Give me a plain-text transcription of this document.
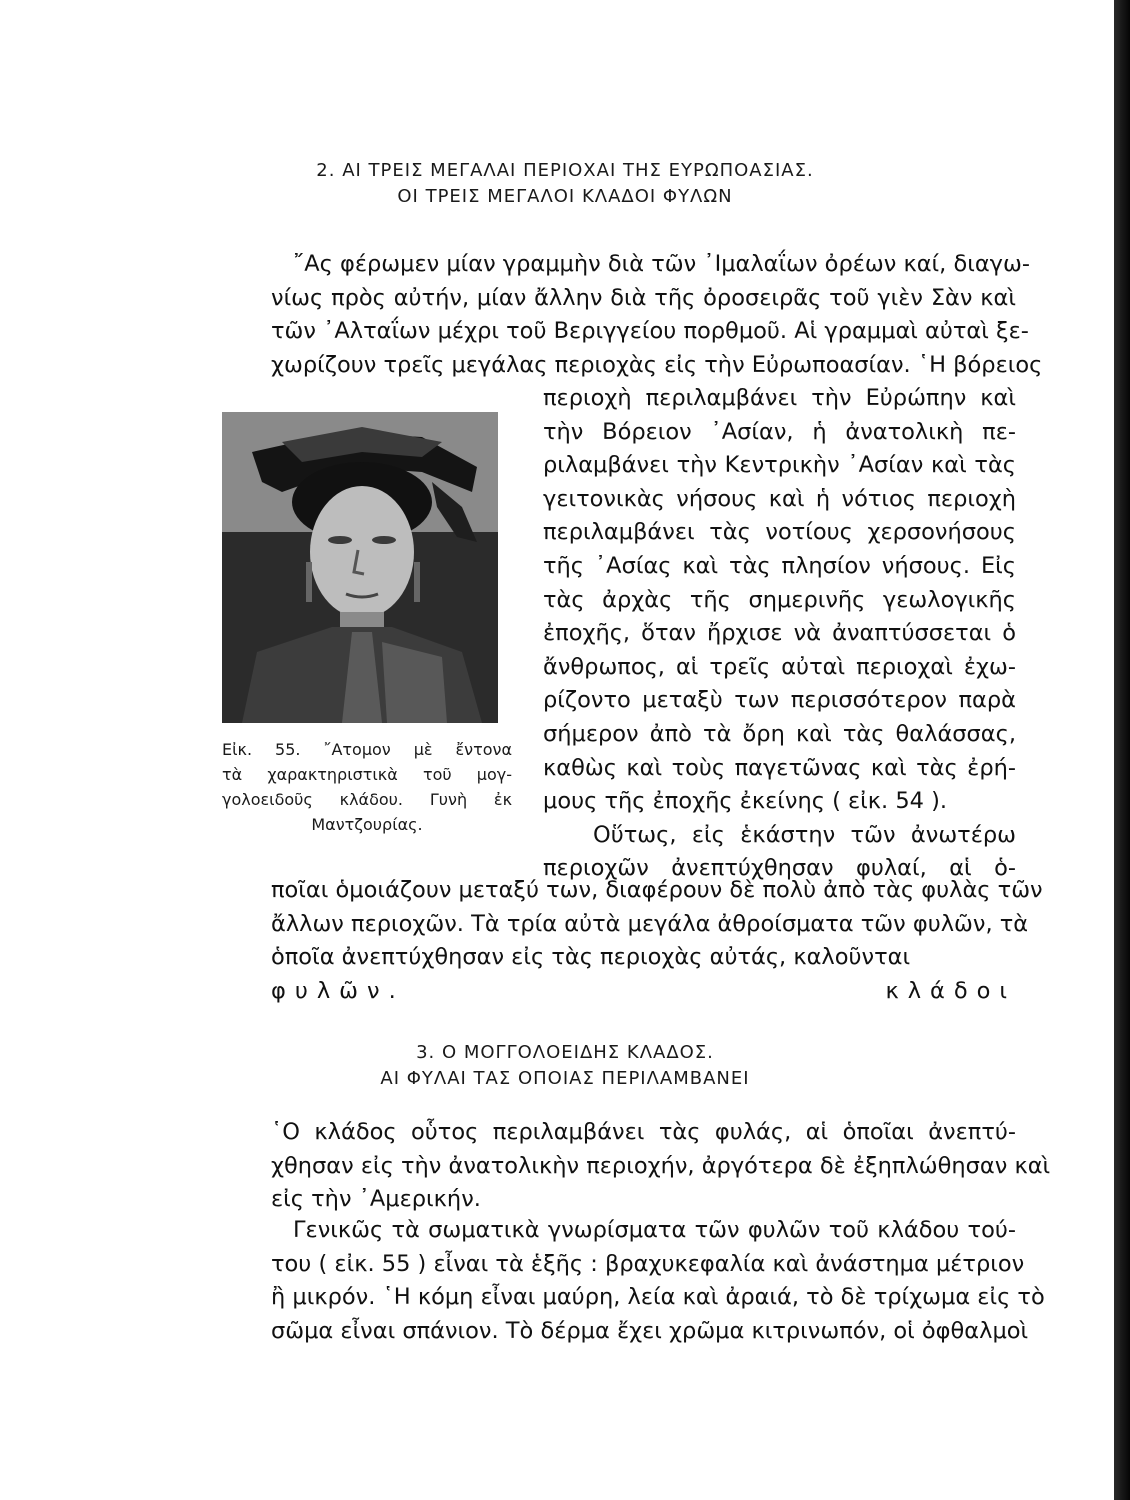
2. ΑΙ ΤΡΕΙΣ ΜΕΓΑΛΑΙ ΠΕΡΙΟΧΑΙ ΤΗΣ ΕΥΡΩΠΟΑΣΙΑΣ.
ΟΙ ΤΡΕΙΣ ΜΕΓΑΛΟΙ ΚΛΑΔΟΙ ΦΥΛΩΝ
῎Ας φέρωμεν μίαν γραμμὴν διὰ τῶν ᾿Ιμαλαΐων ὀρέων καί, διαγω-
νίως πρὸς αὐτήν, μίαν ἄλλην διὰ τῆς ὀροσειρᾶς τοῦ γιὲν Σὰν καὶ
τῶν ᾿Αλταΐων μέχρι τοῦ Βεριγγείου πορθμοῦ. Αἱ γραμμαὶ αὐταὶ ξε-
χωρίζουν τρεῖς μεγάλας περιοχὰς εἰς τὴν Εὐρωποασίαν. ῾Η βόρειος
Εἰκ. 55. ῎Ατομον μὲ ἔντονα
τὰ χαρακτηριστικὰ τοῦ μογ-
γολοειδοῦς κλάδου. Γυνὴ ἐκ
Μαντζουρίας.
περιοχὴ περιλαμβάνει τὴν Εὐρώπην καὶ
τὴν Βόρειον ᾿Ασίαν, ἡ ἀνατολικὴ πε-
ριλαμβάνει τὴν Κεντρικὴν ᾿Ασίαν καὶ τὰς
γειτονικὰς νήσους καὶ ἡ νότιος περιοχὴ
περιλαμβάνει τὰς νοτίους χερσονήσους
τῆς ᾿Ασίας καὶ τὰς πλησίον νήσους. Εἰς
τὰς ἀρχὰς τῆς σημερινῆς γεωλογικῆς
ἐποχῆς, ὅταν ἤρχισε νὰ ἀναπτύσσεται ὁ
ἄνθρωπος, αἱ τρεῖς αὐταὶ περιοχαὶ ἐχω-
ρίζοντο μεταξὺ των περισσότερον παρὰ
σήμερον ἀπὸ τὰ ὄρη καὶ τὰς θαλάσσας,
καθὼς καὶ τοὺς παγετῶνας καὶ τὰς ἐρή-
μους τῆς ἐποχῆς ἐκείνης ( εἰκ. 54 ).
Οὕτως, εἰς ἑκάστην τῶν ἀνωτέρω
περιοχῶν ἀνεπτύχθησαν φυλαί, αἱ ὁ-
ποῖαι ὁμοιάζουν μεταξύ των, διαφέρουν δὲ πολὺ ἀπὸ τὰς φυλὰς τῶν
ἄλλων περιοχῶν. Τὰ τρία αὐτὰ μεγάλα ἀθροίσματα τῶν φυλῶν, τὰ
ὁποῖα ἀνεπτύχθησαν εἰς τὰς περιοχὰς αὐτάς, καλοῦνται
κλάδοι
φυλῶν.
3. Ο ΜΟΓΓΟΛΟΕΙΔΗΣ ΚΛΑΔΟΣ.
ΑΙ ΦΥΛΑΙ ΤΑΣ ΟΠΟΙΑΣ ΠΕΡΙΛΑΜΒΑΝΕΙ
῾Ο κλάδος οὗτος περιλαμβάνει τὰς φυλάς, αἱ ὁποῖαι ἀνεπτύ-
χθησαν εἰς τὴν ἀνατολικὴν περιοχήν, ἀργότερα δὲ ἐξηπλώθησαν καὶ
εἰς τὴν ᾿Αμερικήν.
Γενικῶς τὰ σωματικὰ γνωρίσματα τῶν φυλῶν τοῦ κλάδου τού-
του ( εἰκ. 55 ) εἶναι τὰ ἑξῆς : βραχυκεφαλία καὶ ἀνάστημα μέτριον
ἢ μικρόν. ῾Η κόμη εἶναι μαύρη, λεία καὶ ἀραιά, τὸ δὲ τρίχωμα εἰς τὸ
σῶμα εἶναι σπάνιον. Τὸ δέρμα ἔχει χρῶμα κιτρινωπόν, οἱ ὀφθαλμοὶ
